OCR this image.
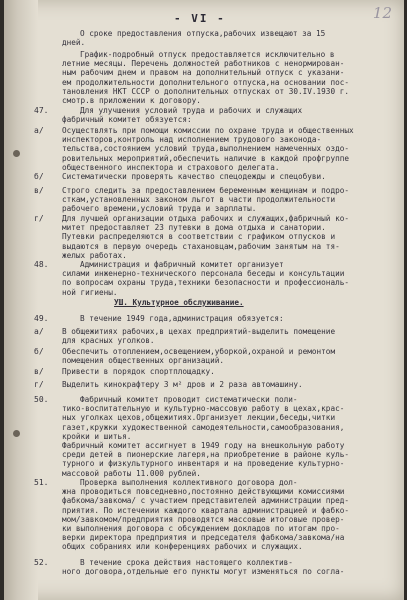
- VI -	12
О сроке предоставления отпуска,рабочих извещают за 15
дней.
График-подробный отпуск предоставляется исключительно в
летние месяцы. Перечень должностей работников с ненормирован-
ным рабочим днем и правом на дополнительный отпуск с указани-
ем продолжительности дополнительного отпуска,на основании пос-
тановления НКТ СССР о дополнительных отпусках от 30.IV.1930 г.
смотр.в приложении к договору.
47.	Для улучшения условий труда и рабочих и служащих
фабричный комитет обязуется:
а/ Осуществлять при помощи комиссии по охране труда и общественных
инспекторов,контроль над исполнением трудового законода-
тельства,состоянием условий труда,выполнением намеченных оздо-
ровительных мероприятий,обеспечить наличие в каждой профгруппе
общественного инспектора и страхового делегата.
б/ Систематически проверять качество спецодежды и спецобуви.
в/ Строго следить за предоставлением беременным женщинам и подро-
сткам,установленных законом льгот в части продолжительности
рабочего времени,условий труда и зарплаты.
г/ Для лучшей организации отдыха рабочих и служащих,фабричный ко-
митет предоставляет 23 путевки в дома отдыха и санатории.
Путевки распределяются в соответствии с графиком отпусков и
выдаются в первую очередь стахановцам,рабочим занятым на тя-
желых работах.
48.	Администрация и фабричный комитет организует
силами инженерно-технического персонала беседы и консультации
по вопросам охраны труда,техники безопасности и профессиональ-
ной гигиены.
УШ. Культурное обслуживание.
49.	В течение 1949 года,администрация обязуется:
а/ В общежитиях рабочих,в цехах предприятий-выделить помещение
для красных уголков.
б/ Обеспечить отоплением,освещением,уборкой,охраной и ремонтом
помещения общественных организаций.
в/ Привести в порядок спортплощадку.
г/ Выделить кинокрафтеру 3 м² дров и 2 раза автомашину.
50.	Фабричный комитет проводит систематически поли-
тико-воспитательную и культурно-массовую работу в цехах,крас-
ных уголках цехов,общежитиях.Организует лекции,беседы,читки
газет,кружки художественной самодеятельности,самообразования,
кройки и шитья.
Фабричный комитет ассигнует в 1949 году на внешкольную работу
среди детей в пионерские лагеря,на приобретение в районе куль-
турного и физкультурного инвентаря и на проведение культурно-
массовой работы 11.000 рублей.
51.	Проверка выполнения коллективного договора дол-
жна проводиться повседневно,постоянно действующими комиссиями
фабкома/завкома/ с участием представителей администрации пред-
приятия. По истечении каждого квартала администрацией и фабко-
мом/завкомом/предприятия проводятся массовые итоговые провер-
ки выполнения договора с обсуждением докладов по итогам про-
верки директора предприятия и председателя фабкома/завкома/на
общих собраниях или конференциях рабочих и служащих.
52.	В течение срока действия настоящего коллектив-
ного договора,отдельные его пункты могут изменяться по согла-
